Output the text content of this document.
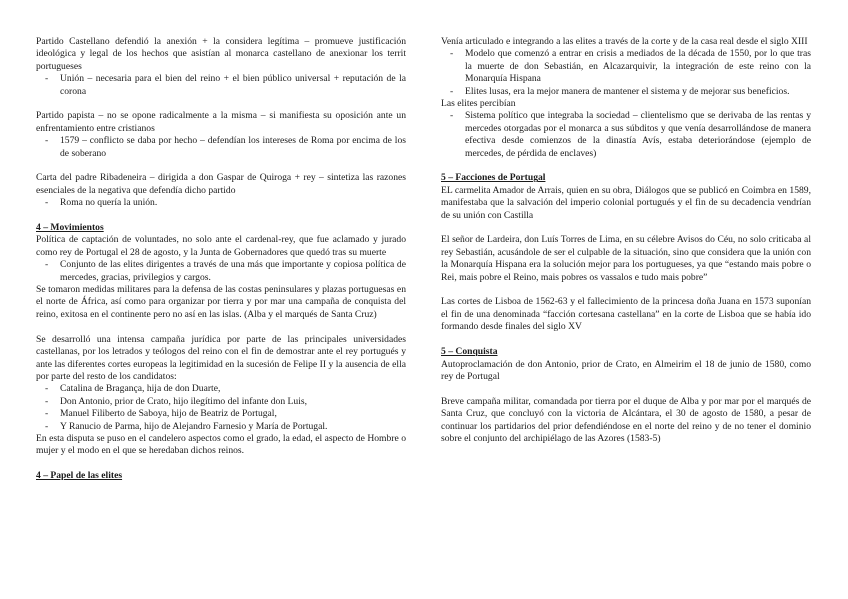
Partido Castellano defendió la anexión + la considera legítima – promueve justificación ideológica y legal de los hechos que asistían al monarca castellano de anexionar los territ portugueses

- Unión – necesaria para el bien del reino + el bien público universal + reputación de la corona

Partido papista – no se opone radicalmente a la misma – si manifiesta su oposición ante un enfrentamiento entre cristianos

- 1579 – conflicto se daba por hecho – defendían los intereses de Roma por encima de los de soberano

Carta del padre Ribadeneira – dirigida a don Gaspar de Quiroga + rey – sintetiza las razones esenciales de la negativa que defendía dicho partido

- Roma no quería la unión.
4 – Movimientos

Política de captación de voluntades, no solo ante el cardenal-rey, que fue aclamado y jurado como rey de Portugal el 28 de agosto, y la Junta de Gobernadores que quedó tras su muerte

- Conjunto de las elites dirigentes a través de una más que importante y copiosa política de mercedes, gracias, privilegios y cargos.

Se tomaron medidas militares para la defensa de las costas peninsulares y plazas portuguesas en el norte de África, así como para organizar por tierra y por mar una campaña de conquista del reino, exitosa en el continente pero no así en las islas. (Alba y el marqués de Santa Cruz)

Se desarrolló una intensa campaña jurídica por parte de las principales universidades castellanas, por los letrados y teólogos del reino con el fin de demostrar ante el rey portugués y ante las diferentes cortes europeas la legitimidad en la sucesión de Felipe II y la ausencia de ella por parte del resto de los candidatos:

- Catalina de Bragança, hija de don Duarte,
- Don Antonio, prior de Crato, hijo ilegítimo del infante don Luis,
- Manuel Filiberto de Saboya, hijo de Beatriz de Portugal,
- Y Ranucio de Parma, hijo de Alejandro Farnesio y María de Portugal.

En esta disputa se puso en el candelero aspectos como el grado, la edad, el aspecto de Hombre o mujer y el modo en el que se heredaban dichos reinos.

4 – Papel de las elites

Venía articulado e integrando a las elites a través de la corte y de la casa real desde el siglo XIII

- Modelo que comenzó a entrar en crisis a mediados de la década de 1550, por lo que tras la muerte de don Sebastián, en Alcazarquivir, la integración de este reino con la Monarquía Hispana
- Elites lusas, era la mejor manera de mantener el sistema y de mejorar sus beneficios.

Las elites percibían

- Sistema político que integraba la sociedad – clientelismo que se derivaba de las rentas y mercedes otorgadas por el monarca a sus súbditos y que venía desarrollándose de manera efectiva desde comienzos de la dinastía Avís, estaba deteriorándose (ejemplo de mercedes, de pérdida de enclaves)
5 – Facciones de Portugal

EL carmelita Amador de Arrais, quien en su obra, Diálogos que se publicó en Coimbra en 1589, manifestaba que la salvación del imperio colonial portugués y el fin de su decadencia vendrían de su unión con Castilla

El señor de Lardeira, don Luís Torres de Lima, en su célebre Avisos do Céu, no solo criticaba al rey Sebastián, acusándole de ser el culpable de la situación, sino que considera que la unión con la Monarquía Hispana era la solución mejor para los portugueses, ya que “estando mais pobre o Rei, mais pobre el Reino, mais pobres os vassalos e tudo mais pobre”

Las cortes de Lisboa de 1562-63 y el fallecimiento de la princesa doña Juana en 1573 suponían el fin de una denominada “facción cortesana castellana” en la corte de Lisboa que se había ido formando desde finales del siglo XV

5 – Conquista

Autoproclamación de don Antonio, prior de Crato, en Almeirim el 18 de junio de 1580, como rey de Portugal

Breve campaña militar, comandada por tierra por el duque de Alba y por mar por el marqués de Santa Cruz, que concluyó con la victoria de Alcántara, el 30 de agosto de 1580, a pesar de continuar los partidarios del prior defendiéndose en el norte del reino y de no tener el dominio sobre el conjunto del archipiélago de las Azores (1583-5)
